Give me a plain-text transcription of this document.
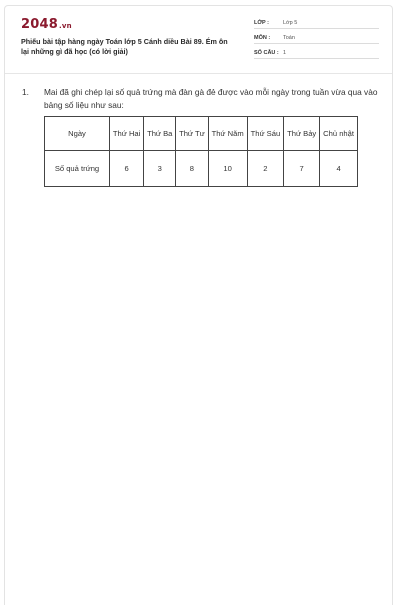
2048.vn
Phiếu bài tập hàng ngày Toán lớp 5 Cánh diều Bài 89. Ém ôn lại những gì đã học (có lời giải)
LỚP :	Lớp 5
MÔN :	Toán
SỐ CÂU : 1
1. Mai đã ghi chép lại số quả trứng mà đàn gà đẻ được vào mỗi ngày trong tuần vừa qua vào bảng số liệu như sau:
Ngày	Thứ Hai	Thứ Ba	Thứ Tư	Thứ Năm	Thứ Sáu	Thứ Bảy	Chủ nhật
Số quả trứng	6	3	8	10	2	7	4
